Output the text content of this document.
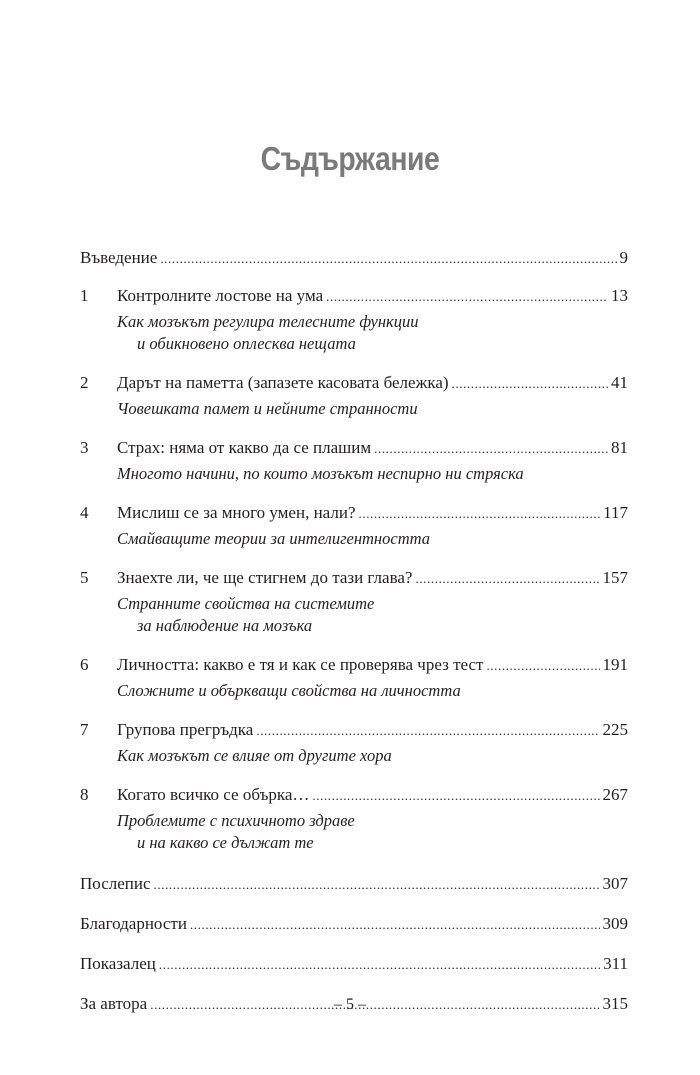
Съдържание
Въведение .....	9
1	Контролните лостове на ума .....	13
Как мозъкът регулира телесните функции
и обикновено оплесква нещата
2	Дарът на паметта (запазете касовата бележка) .....	41
Човешката памет и нейните странности
3	Страх: няма от какво да се плашим .....	81
Многото начини, по които мозъкът неспирно ни стряска
4	Мислиш се за много умен, нали? .....	117
Смайващите теории за интелигентността
5	Знаехте ли, че ще стигнем до тази глава? .....	157
Странните свойства на системите
за наблюдение на мозъка
6	Личността: какво е тя и как се проверява чрез тест .....	191
Сложните и объркващи свойства на личността
7	Групова прегръдка .....	225
Как мозъкът се влияе от другите хора
8	Когато всичко се обърка… .....	267
Проблемите с психичното здраве
и на какво се дължат те
Послепис .....	307
Благодарности .....	309
Показалец .....	311
За автора .....	315
– 5 –
